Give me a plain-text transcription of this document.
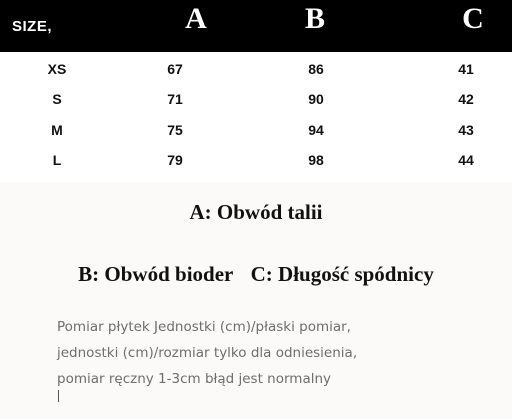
SIZE,	A	B	C
XS	67	86	41
S	71	90	42
M	75	94	43
L	79	98	44
A: Obwód talii
B: Obwód bioder C: Długość spódnicy
Pomiar płytek Jednostki (cm)/płaski pomiar,
jednostki (cm)/rozmiar tylko dla odniesienia,
pomiar ręczny 1-3cm błąd jest normalny
